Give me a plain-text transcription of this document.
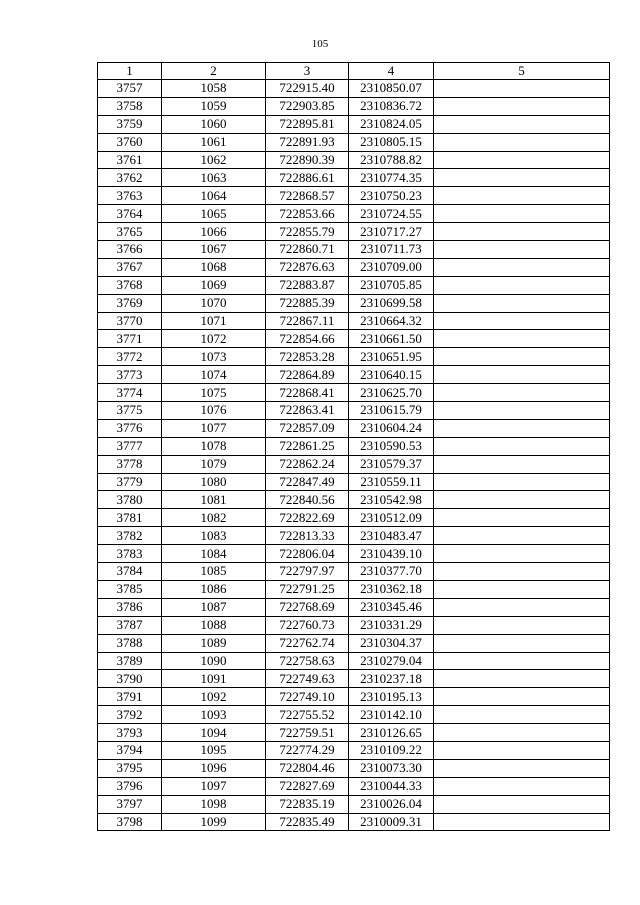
105
1	2	3	4	5
3757	1058	722915.40	2310850.07	
3758	1059	722903.85	2310836.72	
3759	1060	722895.81	2310824.05	
3760	1061	722891.93	2310805.15	
3761	1062	722890.39	2310788.82	
3762	1063	722886.61	2310774.35	
3763	1064	722868.57	2310750.23	
3764	1065	722853.66	2310724.55	
3765	1066	722855.79	2310717.27	
3766	1067	722860.71	2310711.73	
3767	1068	722876.63	2310709.00	
3768	1069	722883.87	2310705.85	
3769	1070	722885.39	2310699.58	
3770	1071	722867.11	2310664.32	
3771	1072	722854.66	2310661.50	
3772	1073	722853.28	2310651.95	
3773	1074	722864.89	2310640.15	
3774	1075	722868.41	2310625.70	
3775	1076	722863.41	2310615.79	
3776	1077	722857.09	2310604.24	
3777	1078	722861.25	2310590.53	
3778	1079	722862.24	2310579.37	
3779	1080	722847.49	2310559.11	
3780	1081	722840.56	2310542.98	
3781	1082	722822.69	2310512.09	
3782	1083	722813.33	2310483.47	
3783	1084	722806.04	2310439.10	
3784	1085	722797.97	2310377.70	
3785	1086	722791.25	2310362.18	
3786	1087	722768.69	2310345.46	
3787	1088	722760.73	2310331.29	
3788	1089	722762.74	2310304.37	
3789	1090	722758.63	2310279.04	
3790	1091	722749.63	2310237.18	
3791	1092	722749.10	2310195.13	
3792	1093	722755.52	2310142.10	
3793	1094	722759.51	2310126.65	
3794	1095	722774.29	2310109.22	
3795	1096	722804.46	2310073.30	
3796	1097	722827.69	2310044.33	
3797	1098	722835.19	2310026.04	
3798	1099	722835.49	2310009.31	
